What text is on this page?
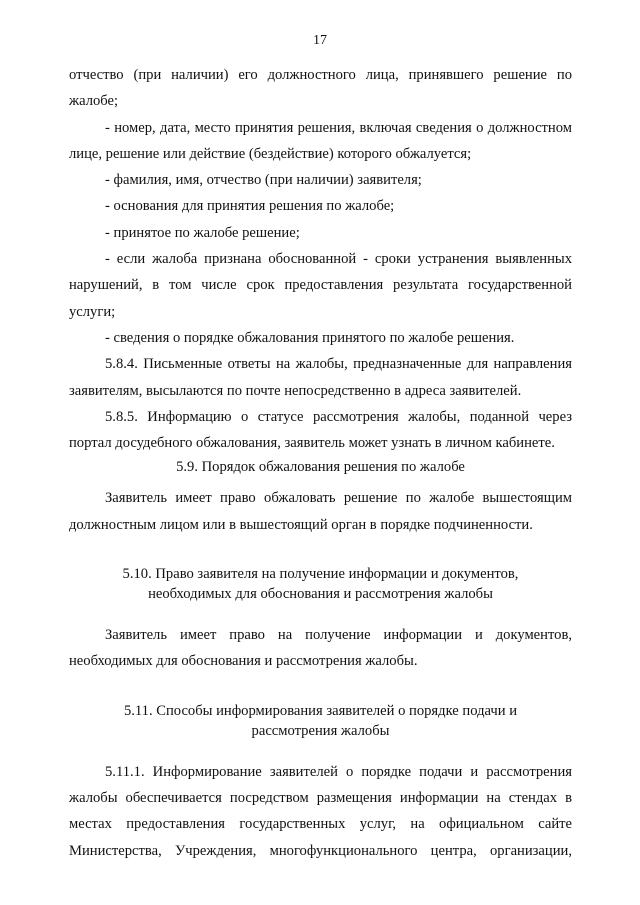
17

отчество (при наличии) его должностного лица, принявшего решение по жалобе;

- номер, дата, место принятия решения, включая сведения о должностном лице, решение или действие (бездействие) которого обжалуется;

- фамилия, имя, отчество (при наличии) заявителя;

- основания для принятия решения по жалобе;

- принятое по жалобе решение;

- если жалоба признана обоснованной - сроки устранения выявленных нарушений, в том числе срок предоставления результата государственной услуги;

- сведения о порядке обжалования принятого по жалобе решения.

5.8.4. Письменные ответы на жалобы, предназначенные для направления заявителям, высылаются по почте непосредственно в адреса заявителей.

5.8.5. Информацию о статусе рассмотрения жалобы, поданной через портал досудебного обжалования, заявитель может узнать в личном кабинете.

5.9. Порядок обжалования решения по жалобе

Заявитель имеет право обжаловать решение по жалобе вышестоящим должностным лицом или в вышестоящий орган в порядке подчиненности.

5.10. Право заявителя на получение информации и документов,
необходимых для обоснования и рассмотрения жалобы

Заявитель имеет право на получение информации и документов, необходимых для обоснования и рассмотрения жалобы.

5.11. Способы информирования заявителей о порядке подачи и
рассмотрения жалобы

5.11.1. Информирование заявителей о порядке подачи и рассмотрения жалобы обеспечивается посредством размещения информации на стендах в местах предоставления государственных услуг, на официальном сайте Министерства, Учреждения, многофункционального центра, организации,
